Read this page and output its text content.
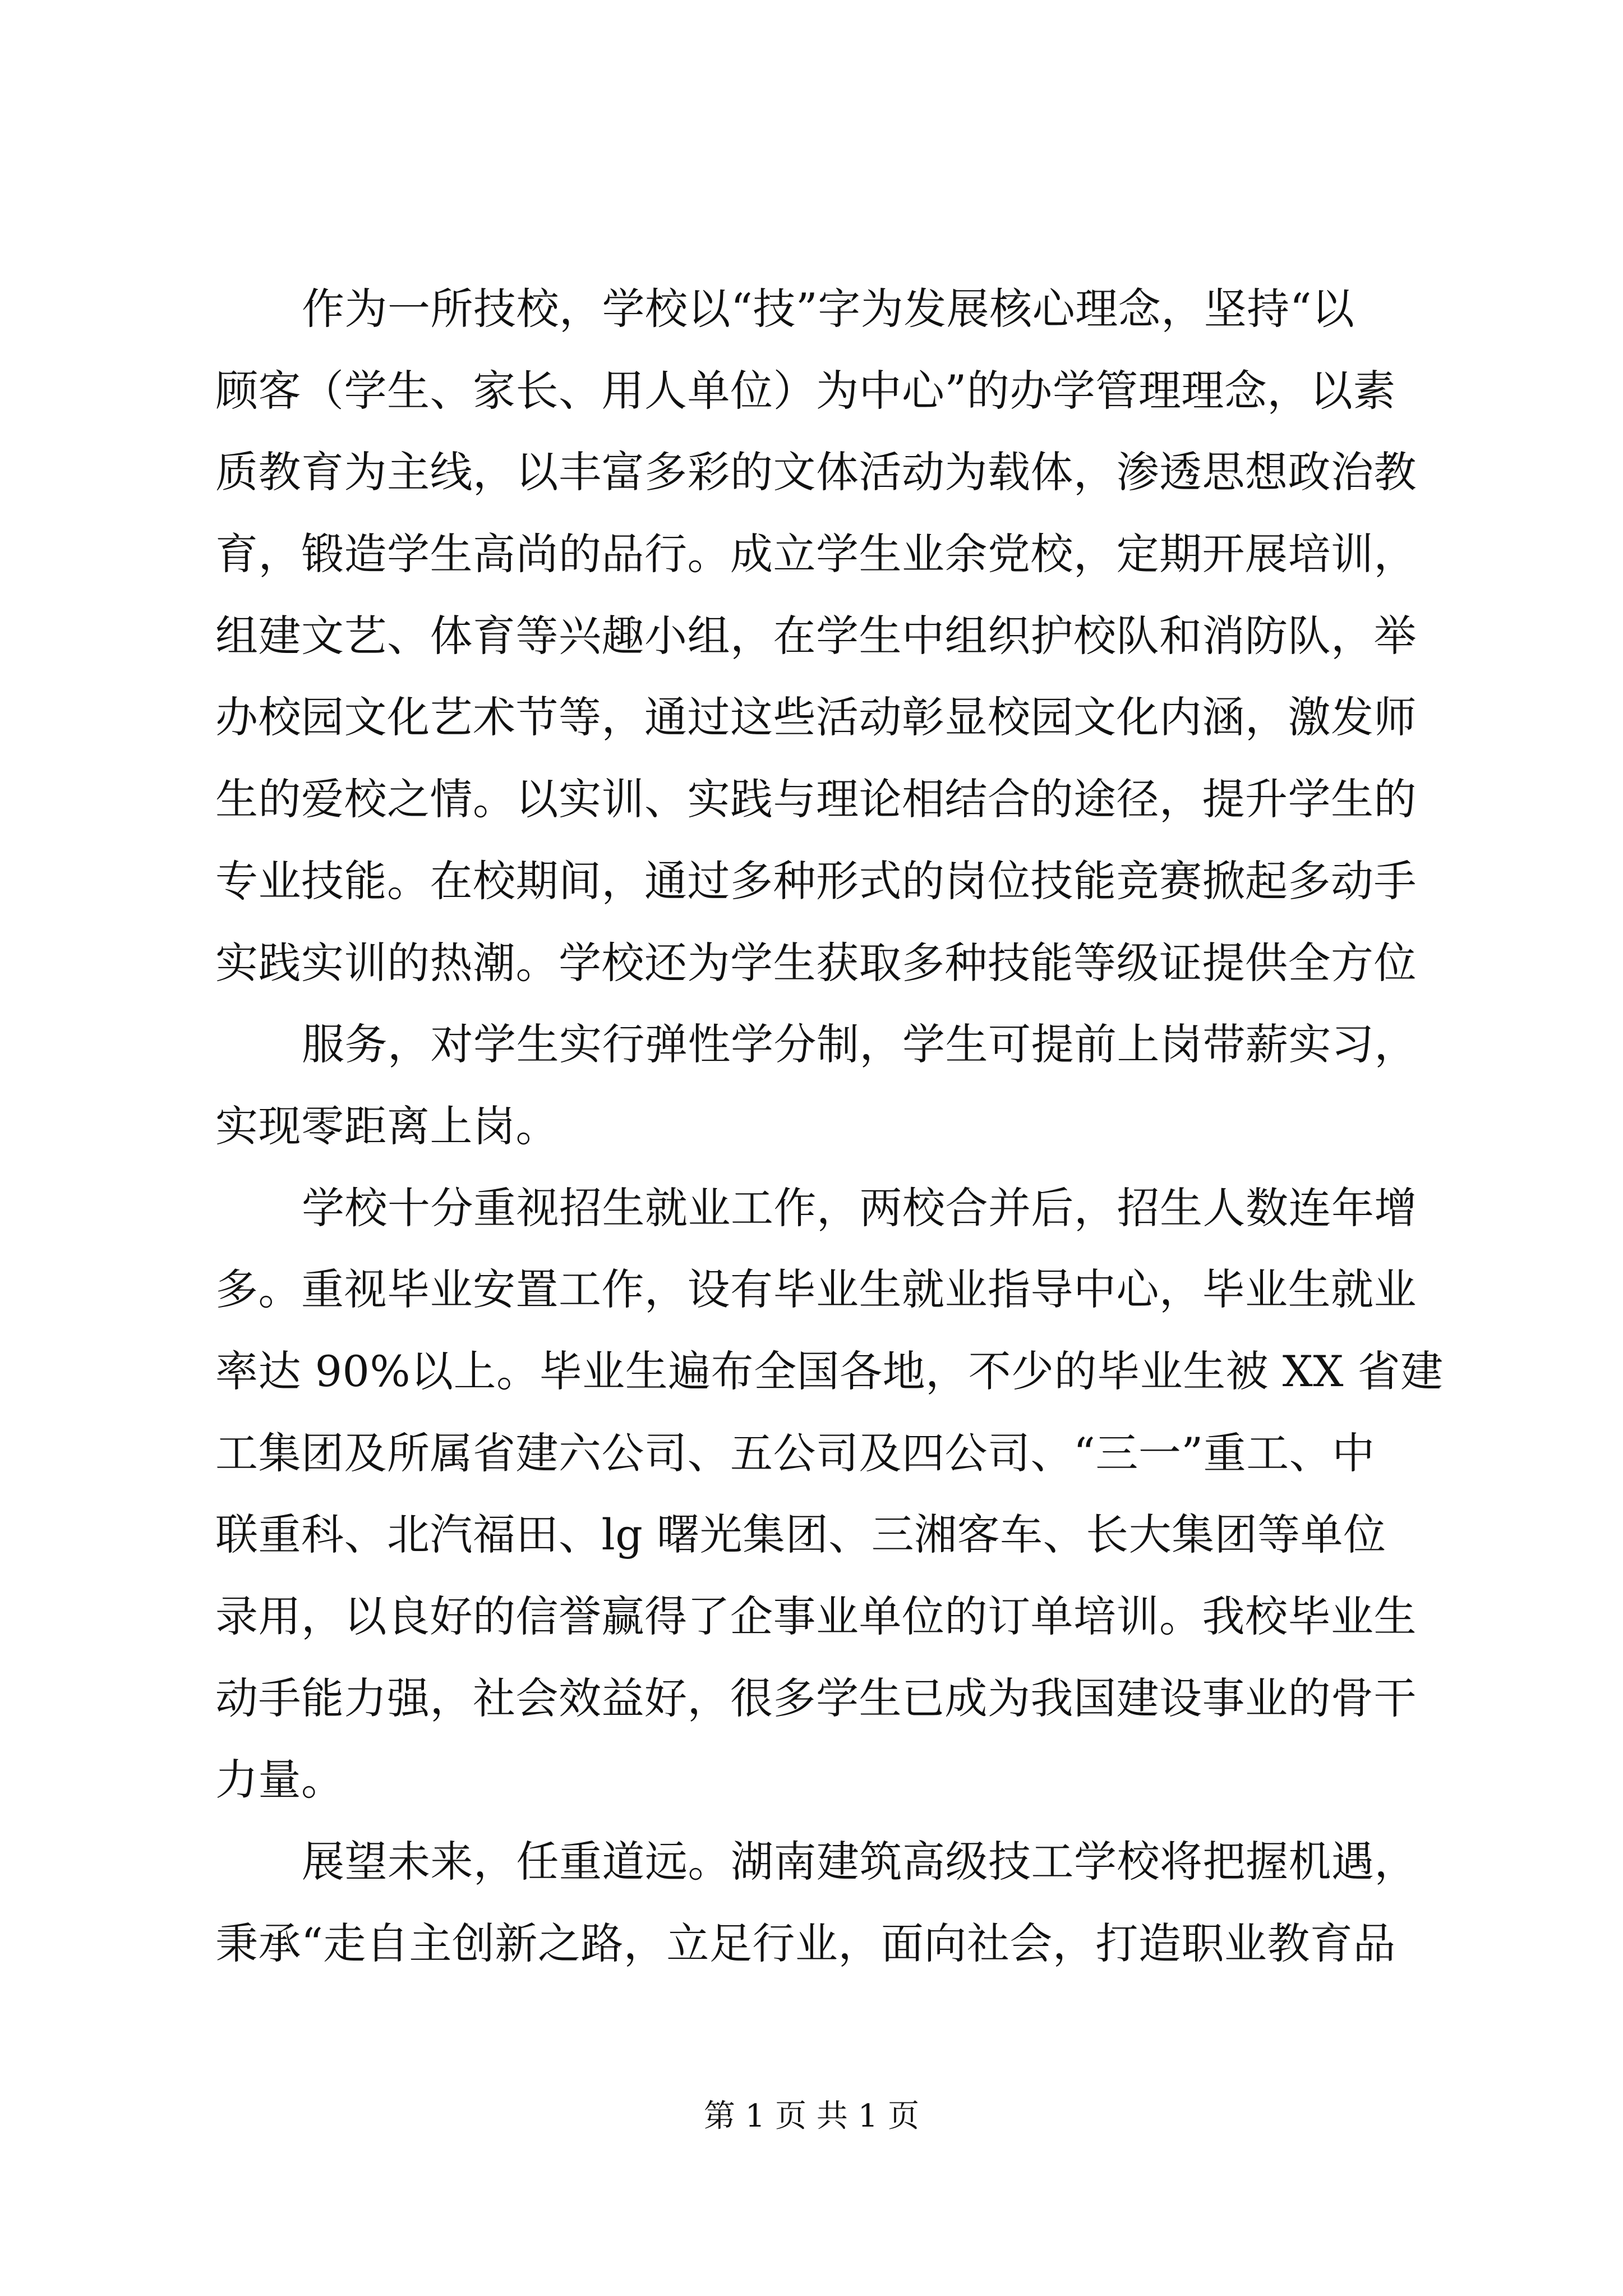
作为一所技校，学校以“技”字为发展核心理念，坚持“以
顾客（学生、家长、用人单位）为中心”的办学管理理念，以素
质教育为主线，以丰富多彩的文体活动为载体，渗透思想政治教
育，锻造学生高尚的品行。成立学生业余党校，定期开展培训，
组建文艺、体育等兴趣小组，在学生中组织护校队和消防队，举
办校园文化艺术节等，通过这些活动彰显校园文化内涵，激发师
生的爱校之情。以实训、实践与理论相结合的途径，提升学生的
专业技能。在校期间，通过多种形式的岗位技能竞赛掀起多动手
实践实训的热潮。学校还为学生获取多种技能等级证提供全方位
服务，对学生实行弹性学分制，学生可提前上岗带薪实习，
实现零距离上岗。
学校十分重视招生就业工作，两校合并后，招生人数连年增
多。重视毕业安置工作，设有毕业生就业指导中心，毕业生就业
率达 90%以上。毕业生遍布全国各地，不少的毕业生被 XX 省建
工集团及所属省建六公司、五公司及四公司、“三一”重工、中
联重科、北汽福田、lg 曙光集团、三湘客车、长大集团等单位
录用，以良好的信誉赢得了企事业单位的订单培训。我校毕业生
动手能力强，社会效益好，很多学生已成为我国建设事业的骨干
力量。
展望未来，任重道远。湖南建筑高级技工学校将把握机遇，
秉承“走自主创新之路，立足行业，面向社会，打造职业教育品
第 1 页 共 1 页
